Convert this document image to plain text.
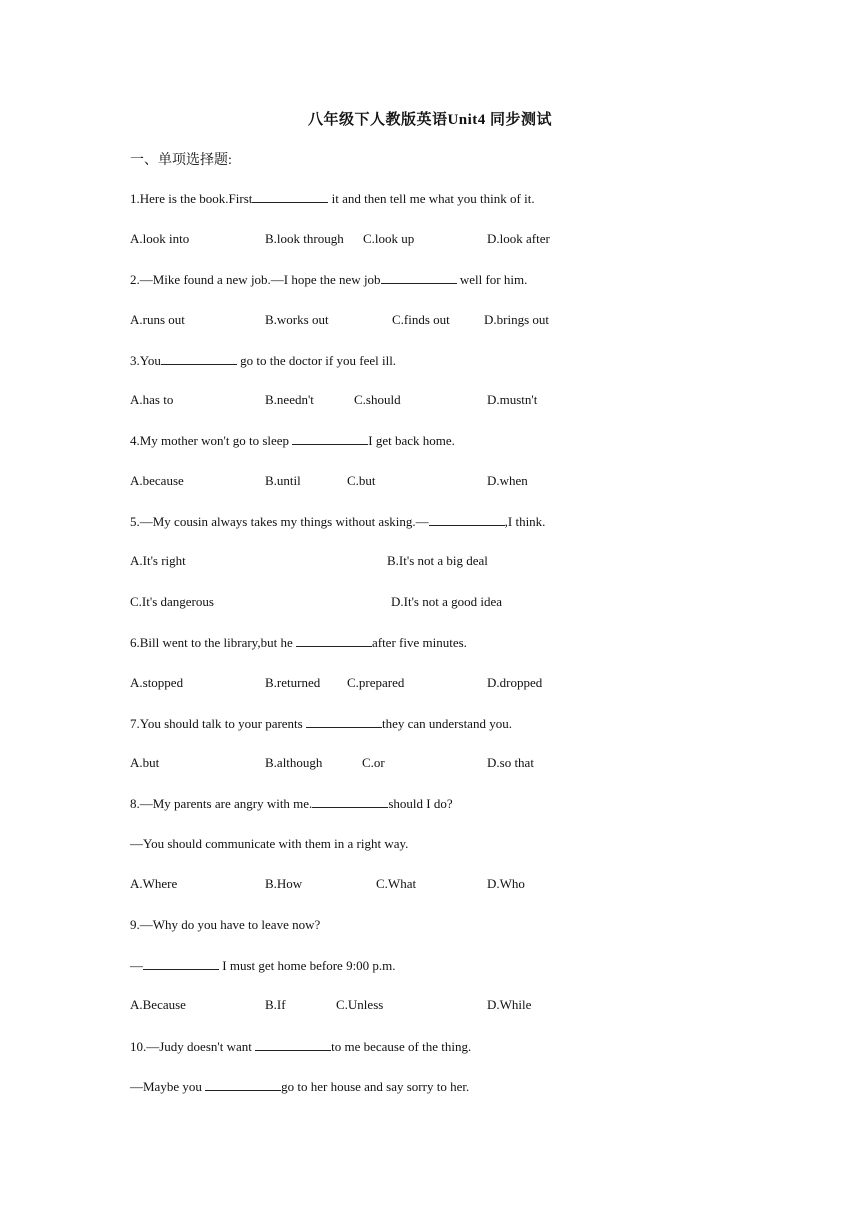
八年级下人教版英语Unit4 同步测试
一、单项选择题:
1.Here is the book.First	it and then tell me what you think of it.
A.look into	B.look through C.look up	D.look after
2.—Mike found a new job.—I hope the new job	well for him.
A.runs out	B.works out	C.finds out	D.brings out
3.You	go to the doctor if you feel ill.
A.has to	B.needn't	C.should	D.mustn't
4.My mother won't go to sleep	I get back home.
A.because	B.until	C.but	D.when
5.—My cousin always takes my things without asking.—	,I think.
A.It's right	B.It's not a big deal
C.It's dangerous	D.It's not a good idea
6.Bill went to the library,but he	after five minutes.
A.stopped	B.returned C.prepared	D.dropped
7.You should talk to your parents	they can understand you.
A.but	B.although	C.or	D.so that
8.—My parents are angry with me.	should I do?
—You should communicate with them in a right way.
A.Where	B.How	C.What	D.Who
9.—Why do you have to leave now?
—	I must get home before 9:00 p.m.
A.Because	B.If	C.Unless	D.While
10.—Judy doesn't want	to me because of the thing.
—Maybe you	go to her house and say sorry to her.
